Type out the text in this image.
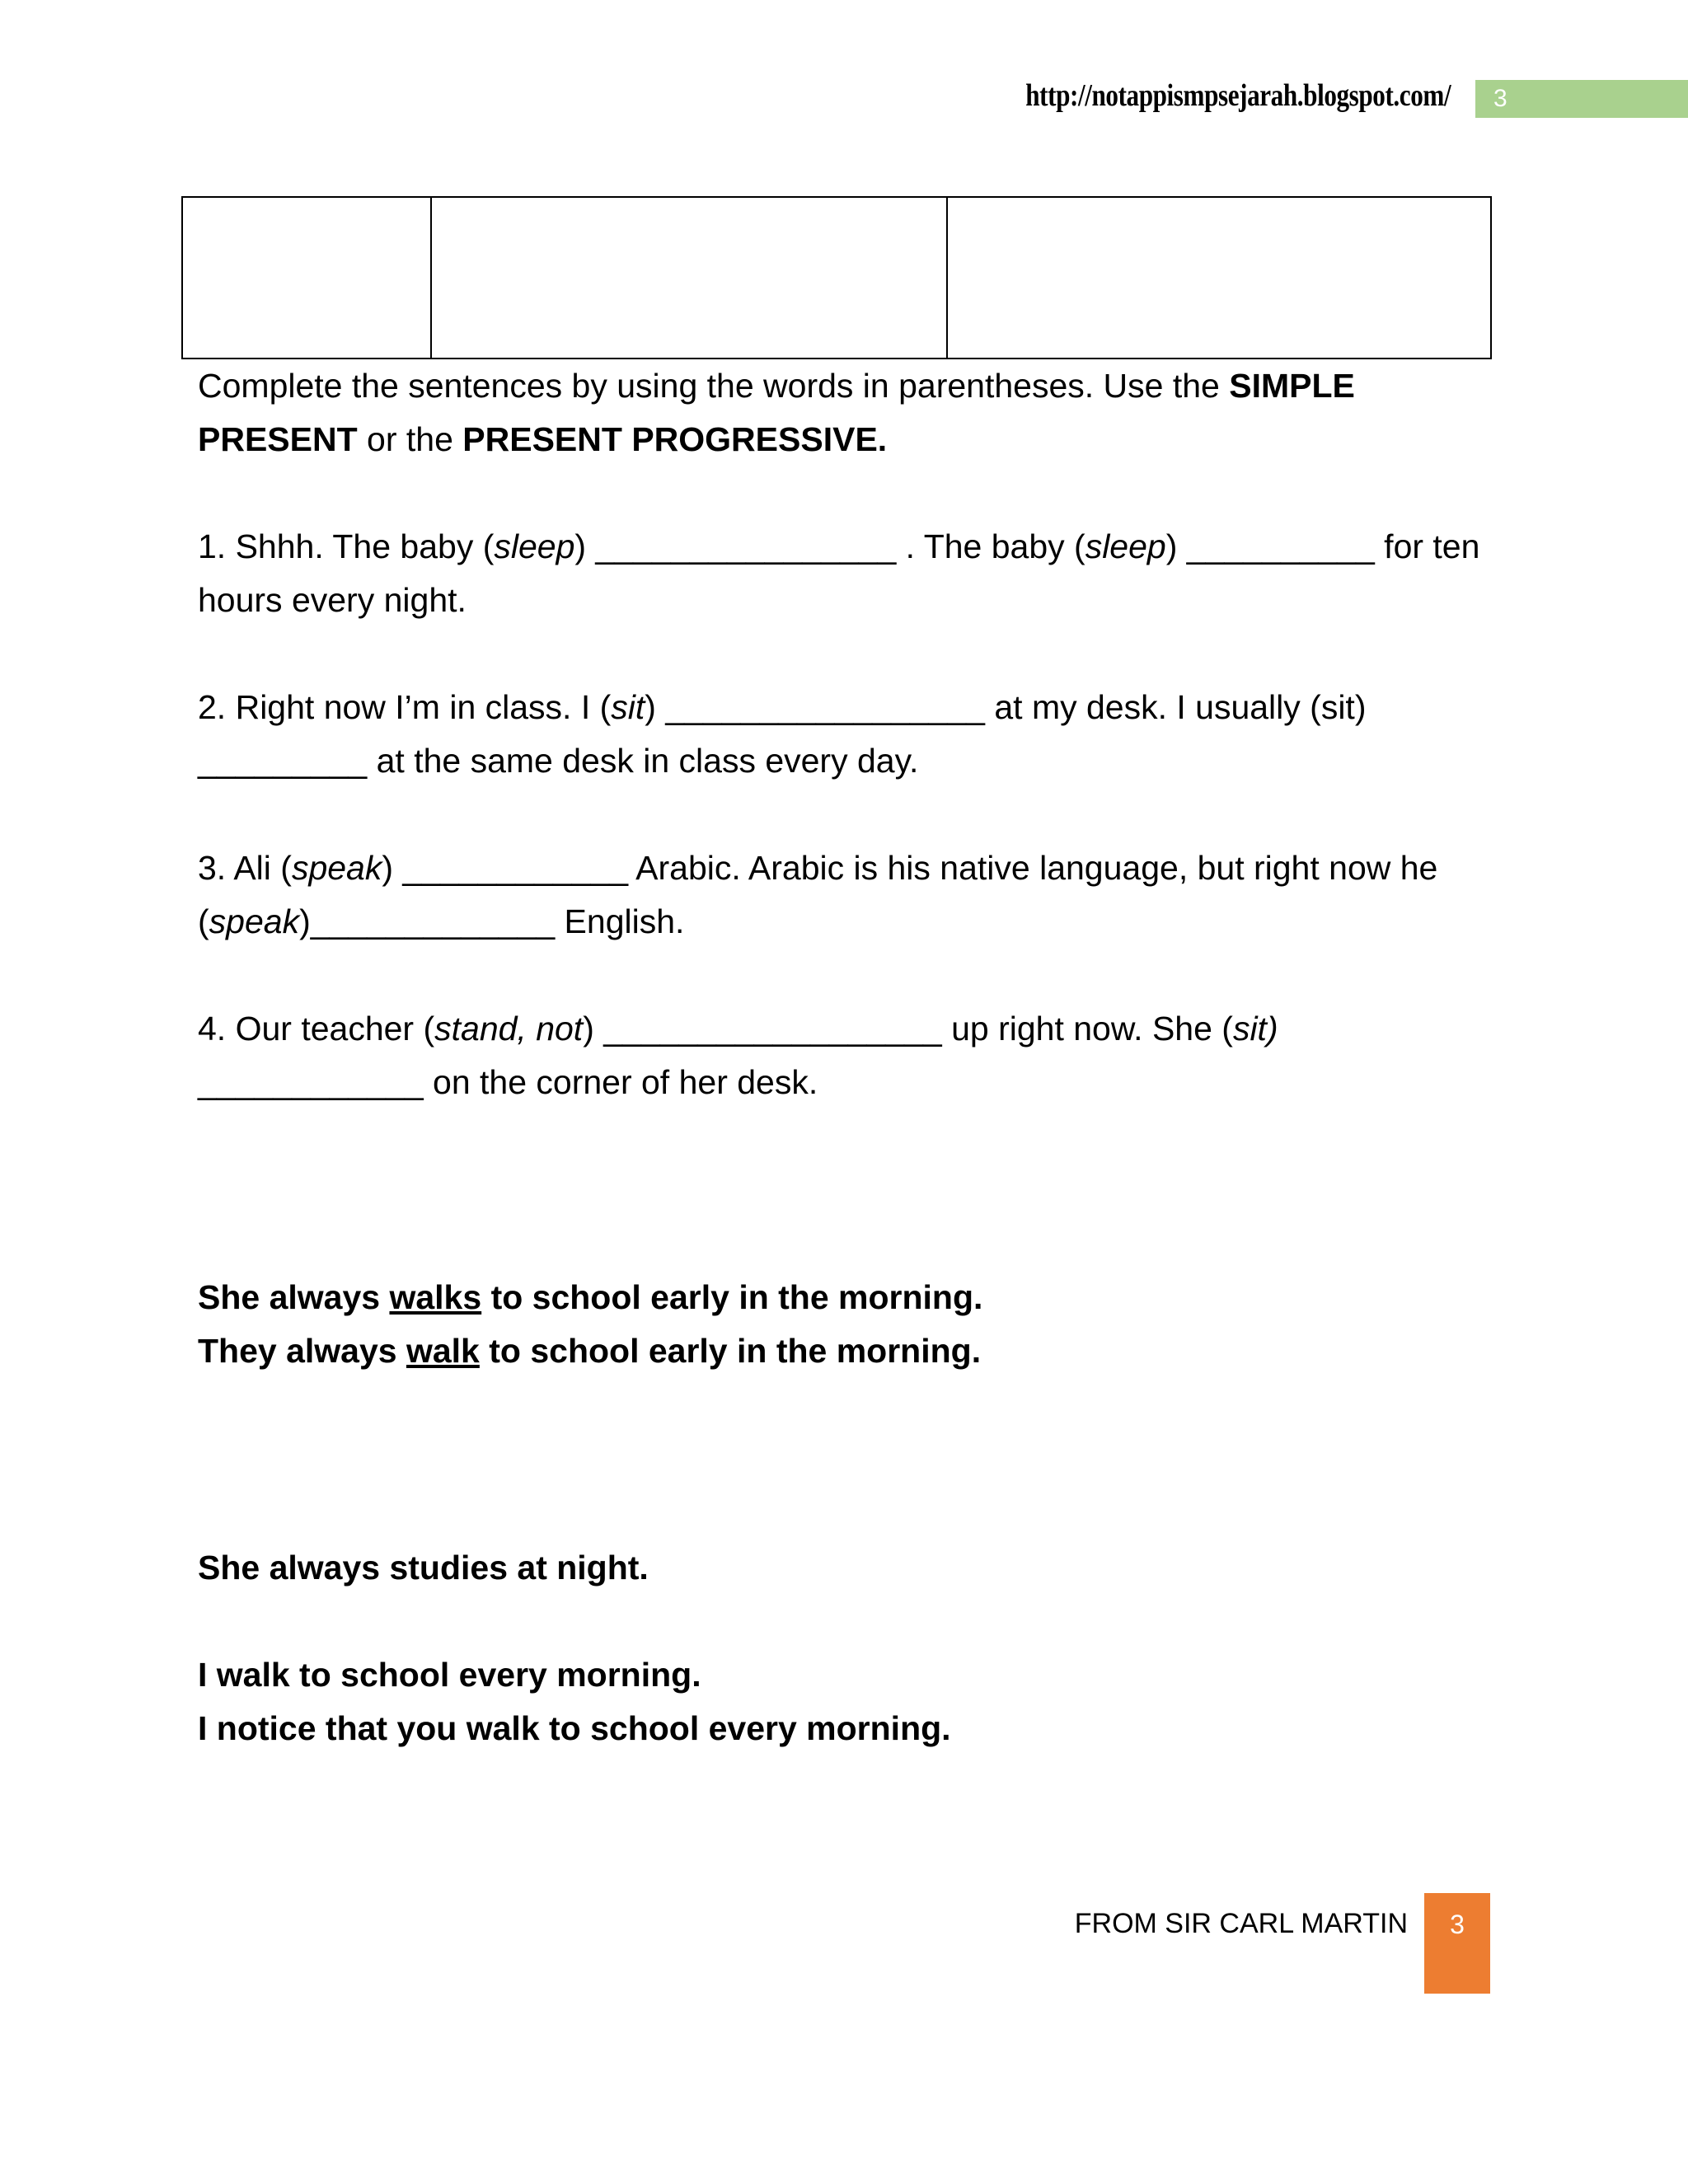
http://notappismpsejarah.blogspot.com/	3

Complete the sentences by using the words in parentheses. Use the SIMPLE PRESENT or the PRESENT PROGRESSIVE.

1. Shhh. The baby (sleep) ________________ . The baby (sleep) __________ for ten hours every night.

2. Right now I’m in class. I (sit) _________________ at my desk. I usually (sit) _________ at the same desk in class every day.

3. Ali (speak) ____________ Arabic. Arabic is his native language, but right now he (speak)_____________ English.

4. Our teacher (stand, not) __________________ up right now. She (sit) ____________ on the corner of her desk.

She always walks to school early in the morning.

They always walk to school early in the morning.

She always studies at night.

I walk to school every morning.

I notice that you walk to school every morning.

FROM SIR CARL MARTIN	3
